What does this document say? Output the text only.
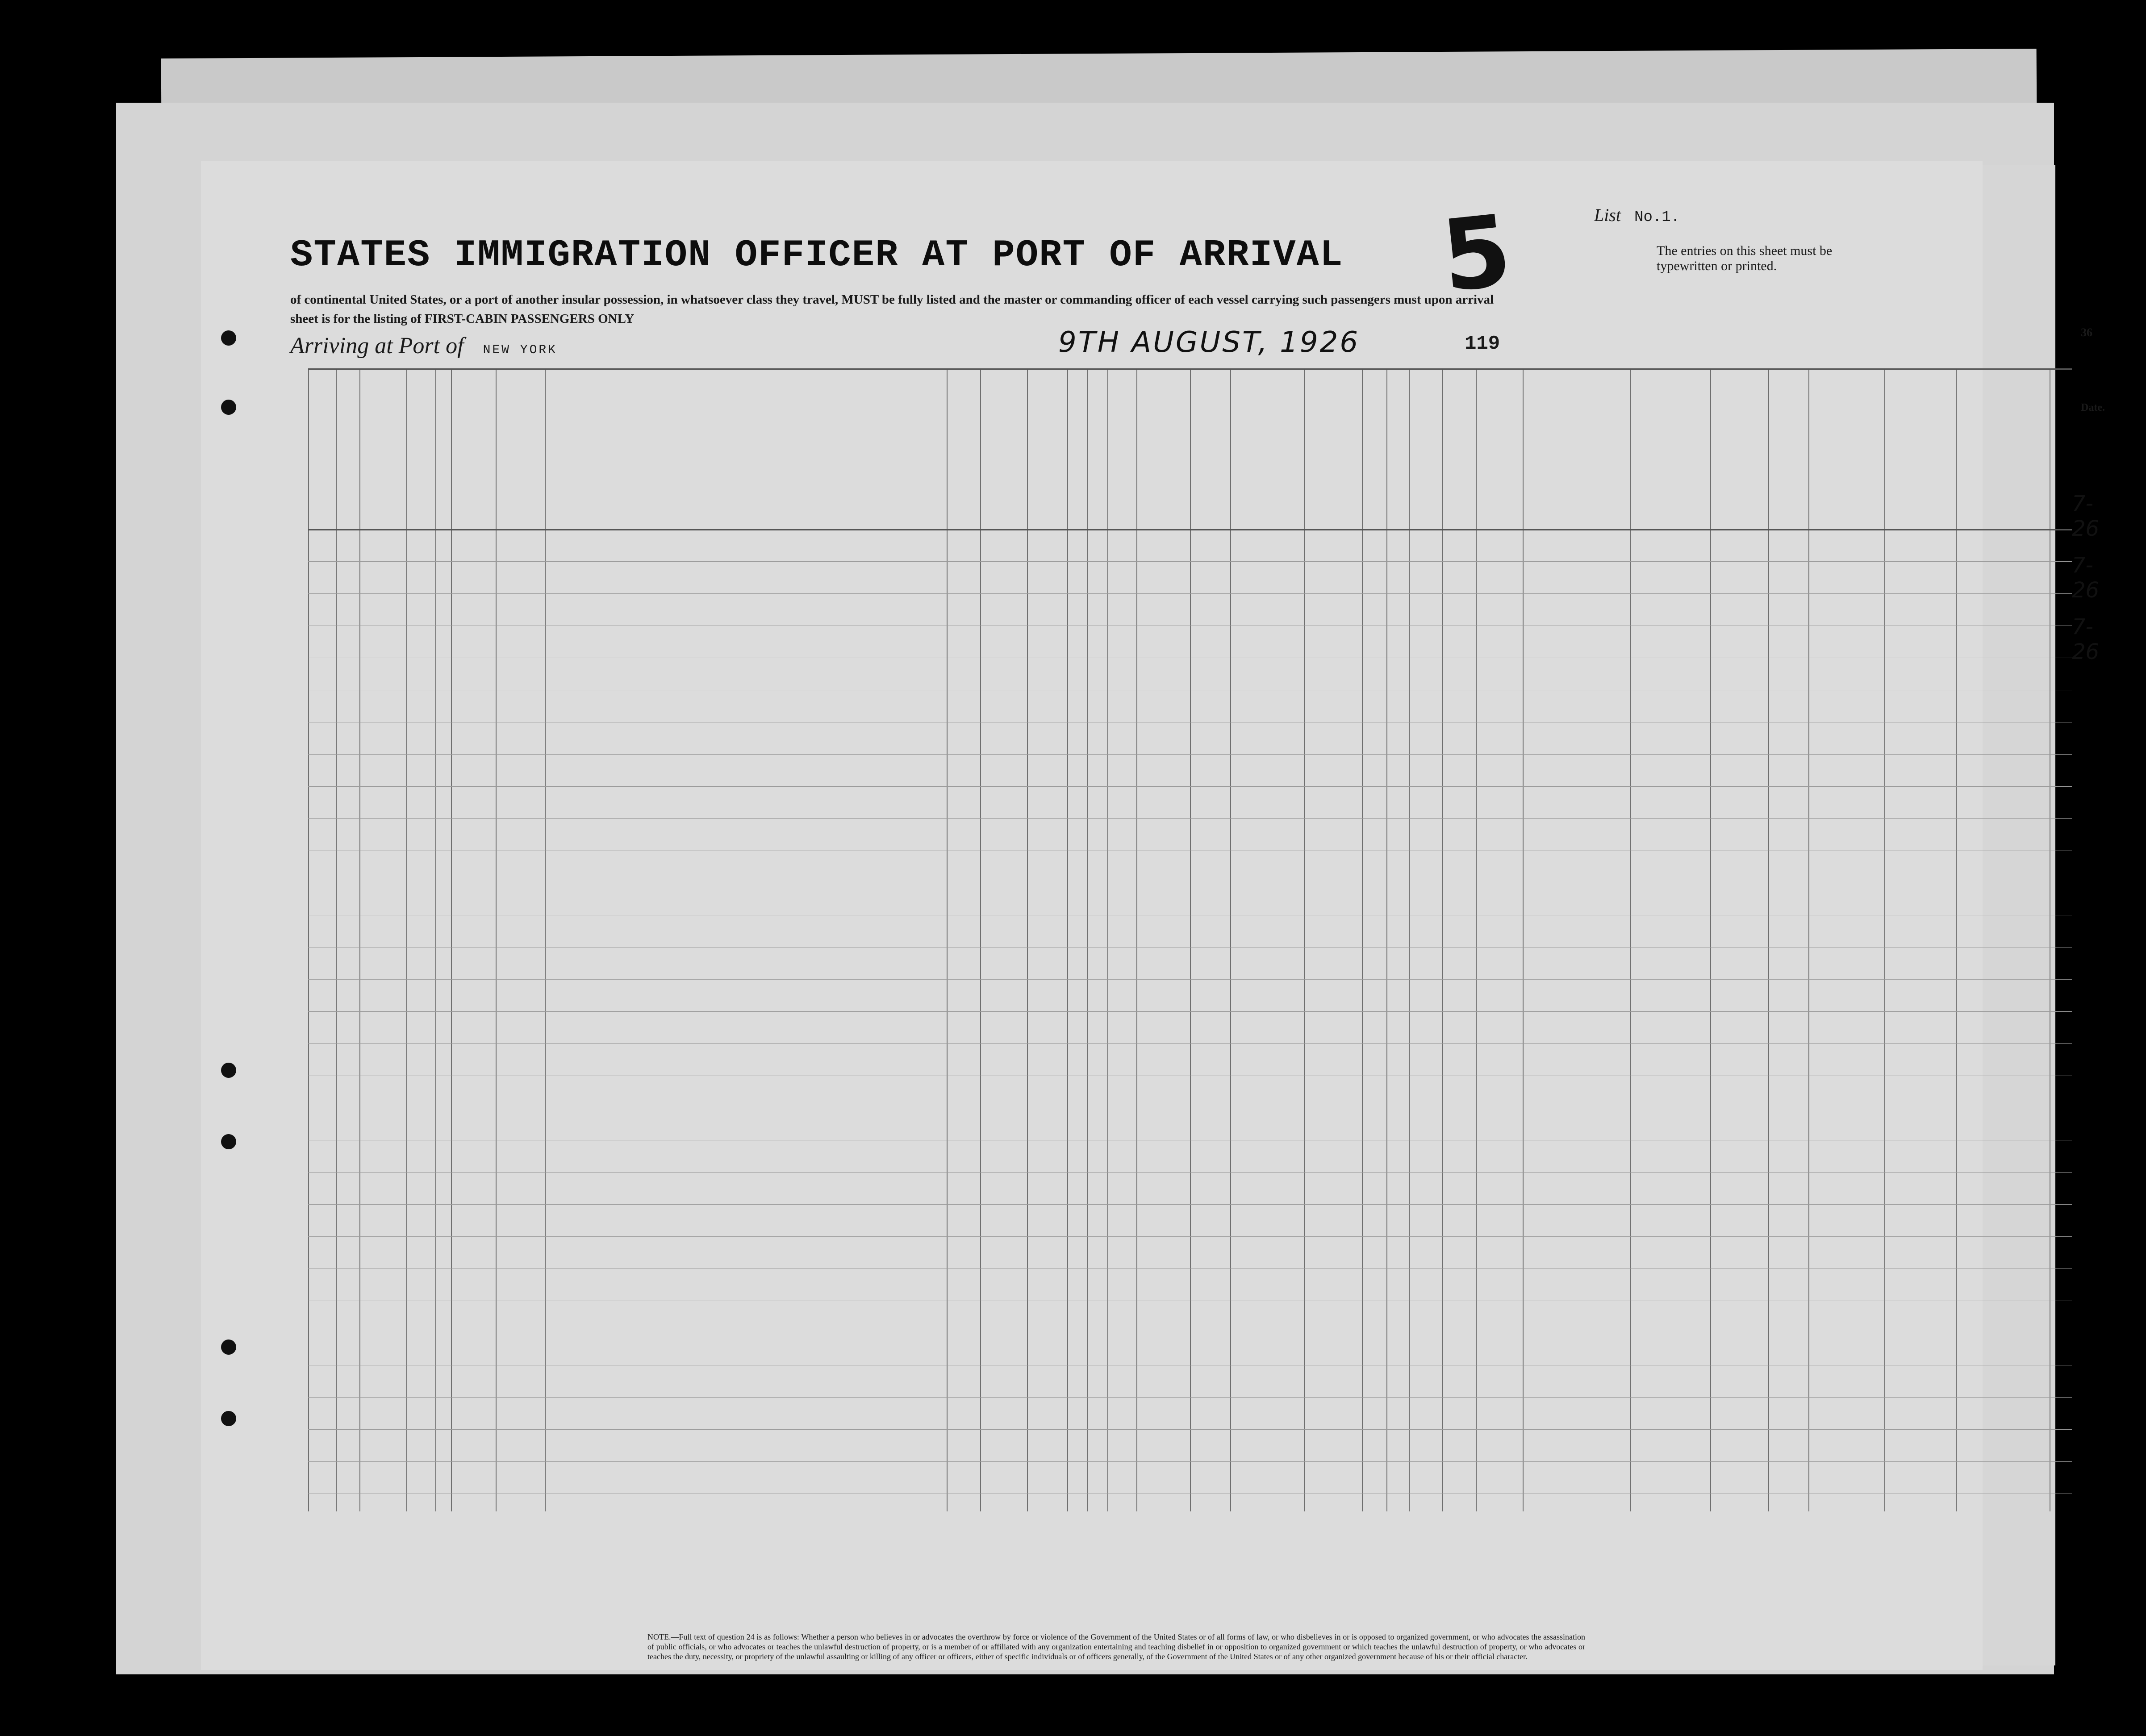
List No.1.
STATES IMMIGRATION OFFICER AT PORT OF ARRIVAL 5	The entries on this sheet must be typewritten or printed.
of continental United States, or a port of another insular possession, in whatsoever class they travel, MUST be fully listed and the master or commanding officer of each vessel carrying such passengers must upon arrival
sheet is for the listing of FIRST-CABIN PASSENGERS ONLY
Arriving at Port of NEW YORK	9TH AUGUST, 1926	119
36
NOTE.—Full text of question 24 is as follows: Whether a person who believes in or advocates the overthrow by force or violence of the Government of the United States or of all forms of law, or who disbelieves in or is opposed to organized government, or who advocates the assassination of public officials, or who advocates or teaches the unlawful destruction of property, or is a member of or affiliated with any organization entertaining and teaching disbelief in or opposition to organized government or which teaches the unlawful destruction of property, or who advocates or teaches the duty, necessity, or propriety of the unlawful assaulting or killing of any officer or officers, either of specific individuals or of officers generally, of the Government of the United States or of any other organized government because of his or their official character.
Date.
7-26
7-26
7-26
